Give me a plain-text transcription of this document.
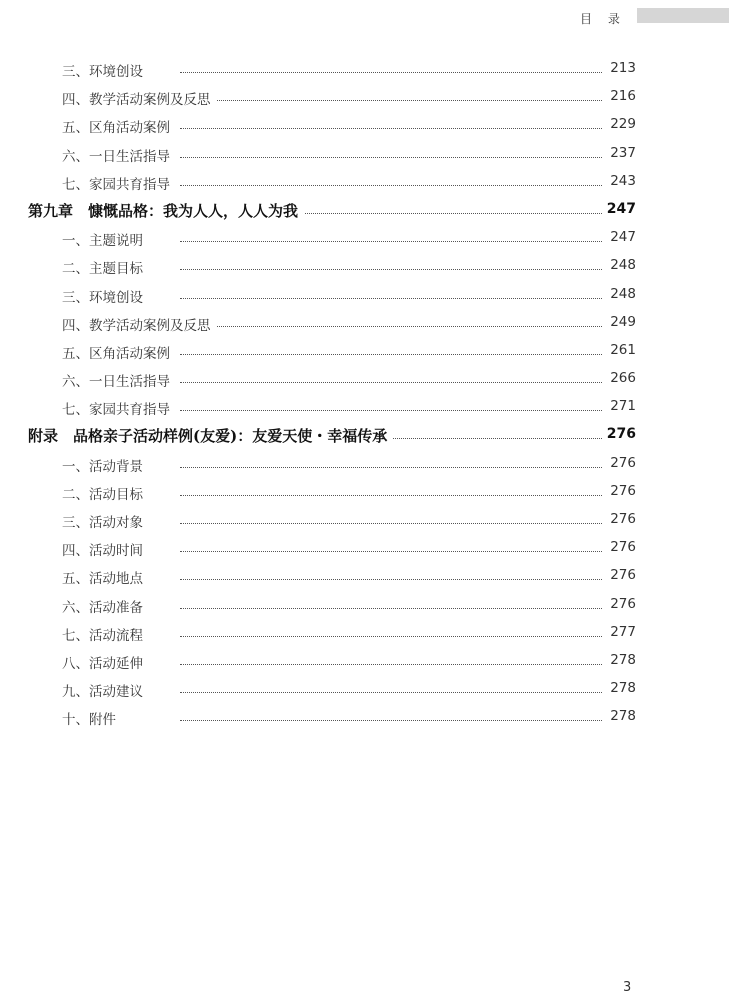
目 录
三、环境创设	213
四、教学活动案例及反思	216
五、区角活动案例	229
六、一日生活指导	237
七、家园共育指导	243
第九章　慷慨品格：我为人人，人人为我	247
一、主题说明	247
二、主题目标	248
三、环境创设	248
四、教学活动案例及反思	249
五、区角活动案例	261
六、一日生活指导	266
七、家园共育指导	271
附录　品格亲子活动样例(友爱)：友爱天使・幸福传承	276
一、活动背景	276
二、活动目标	276
三、活动对象	276
四、活动时间	276
五、活动地点	276
六、活动准备	276
七、活动流程	277
八、活动延伸	278
九、活动建议	278
十、附件	278
3
